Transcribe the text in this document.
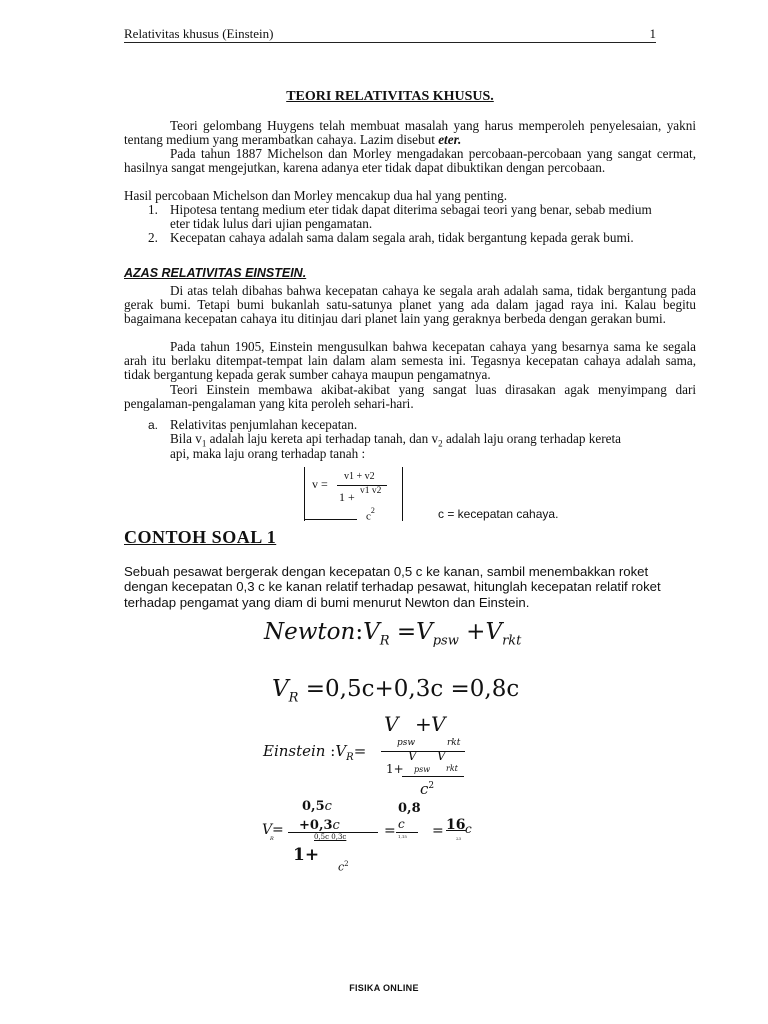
Relativitas khusus (Einstein)	1
TEORI RELATIVITAS KHUSUS.
Teori gelombang Huygens telah membuat masalah yang harus memperoleh penyelesaian, yakni tentang medium yang merambatkan cahaya. Lazim disebut eter.
Pada tahun 1887 Michelson dan Morley mengadakan percobaan-percobaan yang sangat cermat, hasilnya sangat mengejutkan, karena adanya eter tidak dapat dibuktikan dengan percobaan.
Hasil percobaan Michelson dan Morley mencakup dua hal yang penting.
1. Hipotesa tentang medium eter tidak dapat diterima sebagai teori yang benar, sebab medium eter tidak lulus dari ujian pengamatan.
2. Kecepatan cahaya adalah sama dalam segala arah, tidak bergantung kepada gerak bumi.
AZAS RELATIVITAS EINSTEIN.
Di atas telah dibahas bahwa kecepatan cahaya ke segala arah adalah sama, tidak bergantung pada gerak bumi. Tetapi bumi bukanlah satu-satunya planet yang ada dalam jagad raya ini. Kalau begitu bagaimana kecepatan cahaya itu ditinjau dari planet lain yang geraknya berbeda dengan gerakan bumi.
Pada tahun 1905, Einstein mengusulkan bahwa kecepatan cahaya yang besarnya sama ke segala arah itu berlaku ditempat-tempat lain dalam alam semesta ini. Tegasnya kecepatan cahaya adalah sama, tidak bergantung kepada gerak sumber cahaya maupun pengamatnya.
Teori Einstein membawa akibat-akibat yang sangat luas dirasakan agak menyimpang dari pengalaman-pengalaman yang kita peroleh sehari-hari.
a. Relativitas penjumlahan kecepatan.
Bila $v_1$ adalah laju kereta api terhadap tanah, dan $v_2$ adalah laju orang terhadap kereta
api, maka laju orang terhadap tanah :
v =
v1 + v2
1 + v1 v2
$c^2$	c = kecepatan cahaya.
CONTOH SOAL 1
Sebuah pesawat bergerak dengan kecepatan 0,5 c ke kanan, sambil menembakkan roket dengan kecepatan 0,3 c ke kanan relatif terhadap pesawat, hitunglah kecepatan relatif roket terhadap pengamat yang diam di bumi menurut Newton dan Einstein.
$Newton:V_R =V_{psw} +V_{rkt}$
$V_R =0,5c+0,3c =0,8c$
V + V
psw	rkt
Einstein $:V_R=$	V V
1+ psw rkt
$c^2$
0,5c
+0,3c
0,5c 0,3c
V =
R
1+
$c^2$
=
0,8
c
1,15 = 16 c
23
FISIKA ONLINE
